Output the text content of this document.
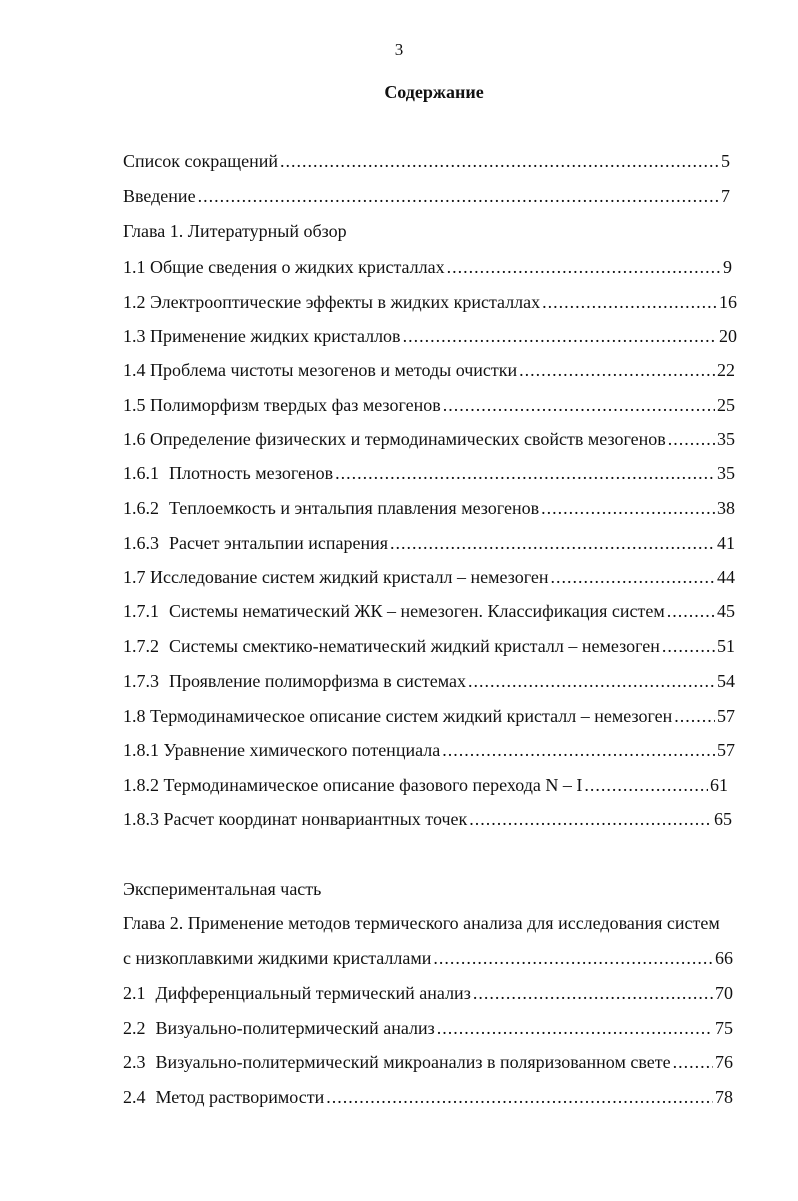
3
Содержание
Список сокращений .....	5
Введение .....	7
Глава 1. Литературный обзор
1.1 Общие сведения о жидких кристаллах .....	9
1.2 Электрооптические эффекты в жидких кристаллах .....	16
1.3 Применение жидких кристаллов .....	20
1.4 Проблема чистоты мезогенов и методы очистки .....	22
1.5 Полиморфизм твердых фаз мезогенов .....	25
1.6 Определение физических и термодинамических свойств мезогенов .....	35
1.6.1 Плотность мезогенов .....	35
1.6.2 Теплоемкость и энтальпия плавления мезогенов .....	38
1.6.3 Расчет энтальпии испарения .....	41
1.7 Исследование систем жидкий кристалл – немезоген .....	44
1.7.1 Системы нематический ЖК – немезоген. Классификация систем .....	45
1.7.2 Системы смектико-нематический жидкий кристалл – немезоген .....	51
1.7.3 Проявление полиморфизма в системах .....	54
1.8 Термодинамическое описание систем жидкий кристалл – немезоген ..... 57
1.8.1 Уравнение химического потенциала .....	57
1.8.2 Термодинамическое описание фазового перехода N – I .....	61
1.8.3 Расчет координат нонвариантных точек .....	65
Экспериментальная часть
Глава 2. Применение методов термического анализа для исследования систем
с низкоплавкими жидкими кристаллами .....	66
2.1 Дифференциальный термический анализ .....	70
2.2 Визуально-политермический анализ .....	75
2.3 Визуально-политермический микроанализ в поляризованном свете ..... 76
2.4 Метод растворимости .....	78
